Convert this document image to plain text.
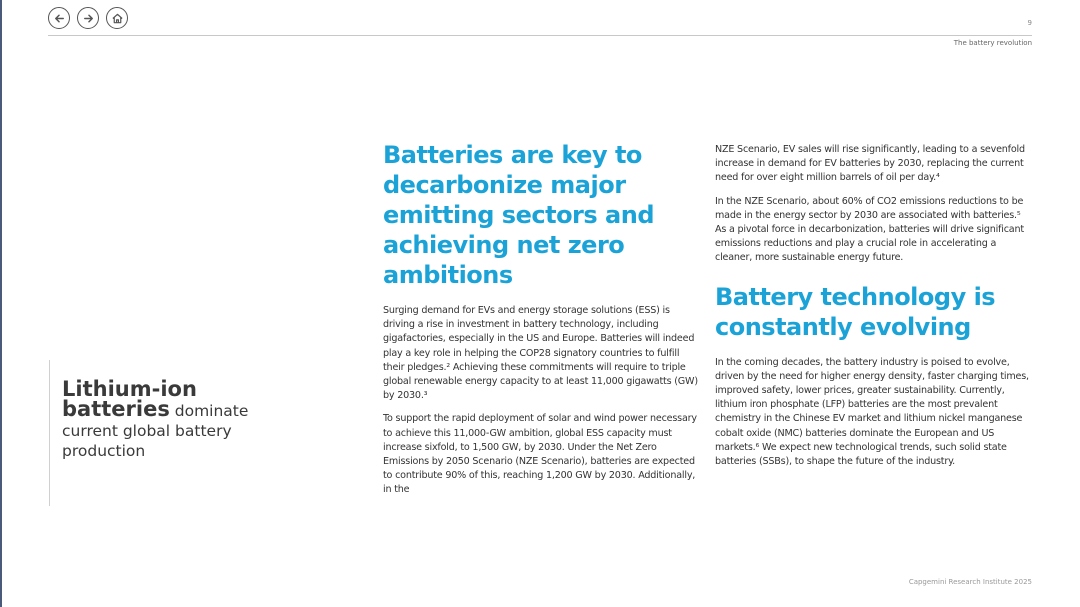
9
The battery revolution
Lithium-ion batteries dominate current global battery production
Batteries are key to decarbonize major emitting sectors and achieving net zero ambitions

Surging demand for EVs and energy storage solutions (ESS) is driving a rise in investment in battery technology, including gigafactories, especially in the US and Europe. Batteries will indeed play a key role in helping the COP28 signatory countries to fulfill their pledges.² Achieving these commitments will require to triple global renewable energy capacity to at least 11,000 gigawatts (GW) by 2030.³

To support the rapid deployment of solar and wind power necessary to achieve this 11,000-GW ambition, global ESS capacity must increase sixfold, to 1,500 GW, by 2030. Under the Net Zero Emissions by 2050 Scenario (NZE Scenario), batteries are expected to contribute 90% of this, reaching 1,200 GW by 2030. Additionally, in the

NZE Scenario, EV sales will rise significantly, leading to a sevenfold increase in demand for EV batteries by 2030, replacing the current need for over eight million barrels of oil per day.⁴

In the NZE Scenario, about 60% of CO2 emissions reductions to be made in the energy sector by 2030 are associated with batteries.⁵ As a pivotal force in decarbonization, batteries will drive significant emissions reductions and play a crucial role in accelerating a cleaner, more sustainable energy future.

Battery technology is constantly evolving

In the coming decades, the battery industry is poised to evolve, driven by the need for higher energy density, faster charging times, improved safety, lower prices, greater sustainability. Currently, lithium iron phosphate (LFP) batteries are the most prevalent chemistry in the Chinese EV market and lithium nickel manganese cobalt oxide (NMC) batteries dominate the European and US markets.⁶ We expect new technological trends, such solid state batteries (SSBs), to shape the future of the industry.

Capgemini Research Institute 2025
